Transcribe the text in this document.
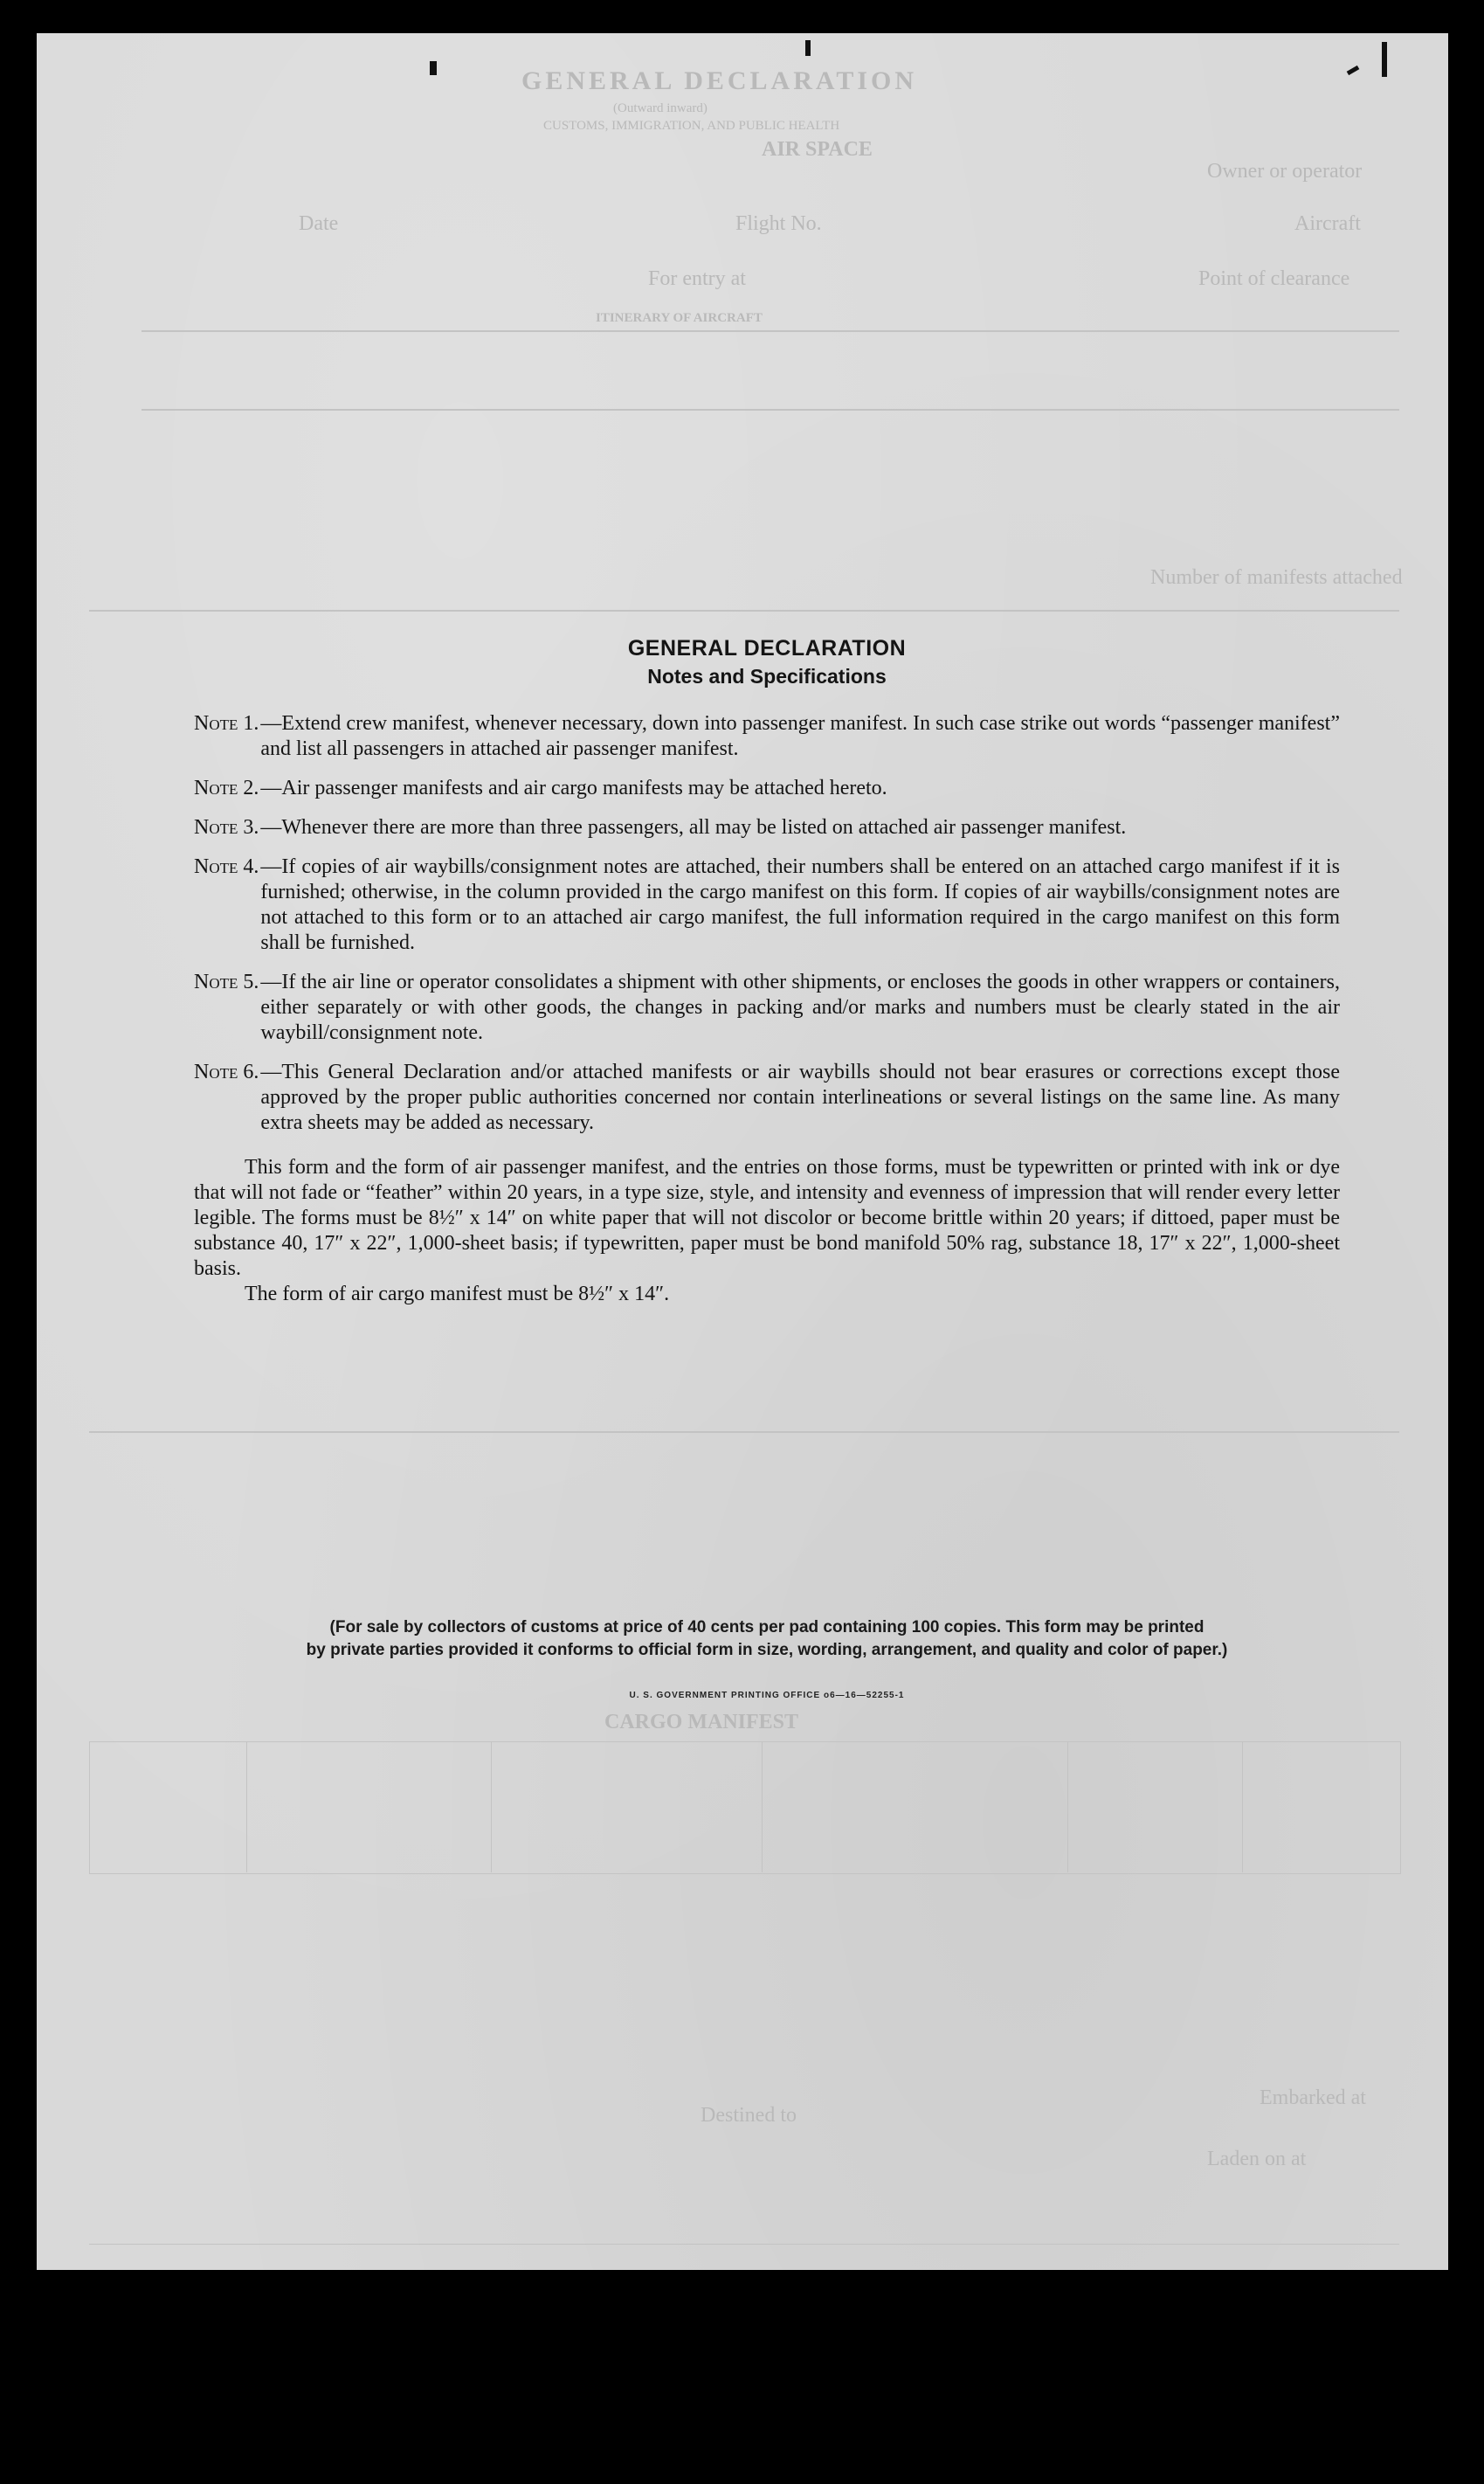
GENERAL DECLARATION
(Outward inward)
CUSTOMS, IMMIGRATION, AND PUBLIC HEALTH
AIR SPACE
Owner or operator
Aircraft
Flight No.
Date
Point of clearance
For entry at
ITINERARY OF AIRCRAFT
Number of manifests attached
CARGO MANIFEST
Embarked at
Laden on at
Destined to
GENERAL DECLARATION
Notes and Specifications
Note 1. —Extend crew manifest, whenever necessary, down into passenger manifest. In such case strike out words “passenger manifest” and list all passengers in attached air passenger manifest.
Note 2. —Air passenger manifests and air cargo manifests may be attached hereto.
Note 3. —Whenever there are more than three passengers, all may be listed on attached air passenger manifest.
Note 4. —If copies of air waybills/consignment notes are attached, their numbers shall be entered on an attached cargo manifest if it is furnished; otherwise, in the column provided in the cargo manifest on this form. If copies of air waybills/consignment notes are not attached to this form or to an attached air cargo manifest, the full information required in the cargo manifest on this form shall be furnished.
Note 5. —If the air line or operator consolidates a shipment with other shipments, or encloses the goods in other wrappers or containers, either separately or with other goods, the changes in packing and/or marks and numbers must be clearly stated in the air waybill/consignment note.
Note 6. —This General Declaration and/or attached manifests or air waybills should not bear erasures or corrections except those approved by the proper public authorities concerned nor contain interlineations or several listings on the same line. As many extra sheets may be added as necessary.
This form and the form of air passenger manifest, and the entries on those forms, must be typewritten or printed with ink or dye that will not fade or “feather” within 20 years, in a type size, style, and intensity and evenness of impression that will render every letter legible. The forms must be 8½″ x 14″ on white paper that will not discolor or become brittle within 20 years; if dittoed, paper must be substance 40, 17″ x 22″, 1,000-sheet basis; if typewritten, paper must be bond manifold 50% rag, substance 18, 17″ x 22″, 1,000-sheet basis.
The form of air cargo manifest must be 8½″ x 14″.
(For sale by collectors of customs at price of 40 cents per pad containing 100 copies. This form may be printed
by private parties provided it conforms to official form in size, wording, arrangement, and quality and color of paper.)
U. S. GOVERNMENT PRINTING OFFICE o6—16—52255-1
